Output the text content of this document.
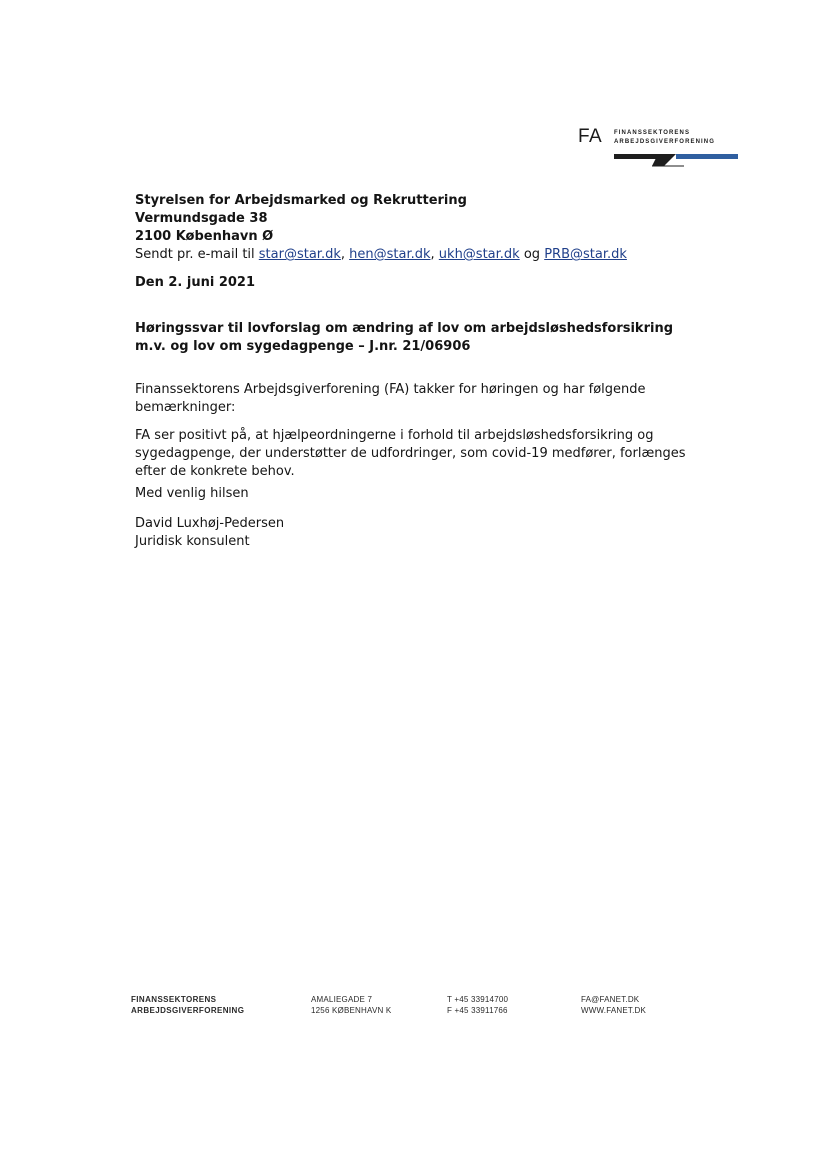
FA FINANSSEKTORENS
ARBEJDSGIVERFORENING
Styrelsen for Arbejdsmarked og Rekruttering
Vermundsgade 38
2100 København Ø
Sendt pr. e-mail til star@star.dk, hen@star.dk, ukh@star.dk og PRB@star.dk
Den 2. juni 2021
Høringssvar til lovforslag om ændring af lov om arbejdsløshedsforsikring
m.v. og lov om sygedagpenge – J.nr. 21/06906
Finanssektorens Arbejdsgiverforening (FA) takker for høringen og har følgende
bemærkninger:
FA ser positivt på, at hjælpeordningerne i forhold til arbejdsløshedsforsikring og
sygedagpenge, der understøtter de udfordringer, som covid-19 medfører, forlænges
efter de konkrete behov.
Med venlig hilsen
David Luxhøj-Pedersen
Juridisk konsulent
FINANSSEKTORENS
ARBEJDSGIVERFORENING
AMALIEGADE 7
1256 KØBENHAVN K
T +45 33914700
F +45 33911766
FA@FANET.DK
WWW.FANET.DK
